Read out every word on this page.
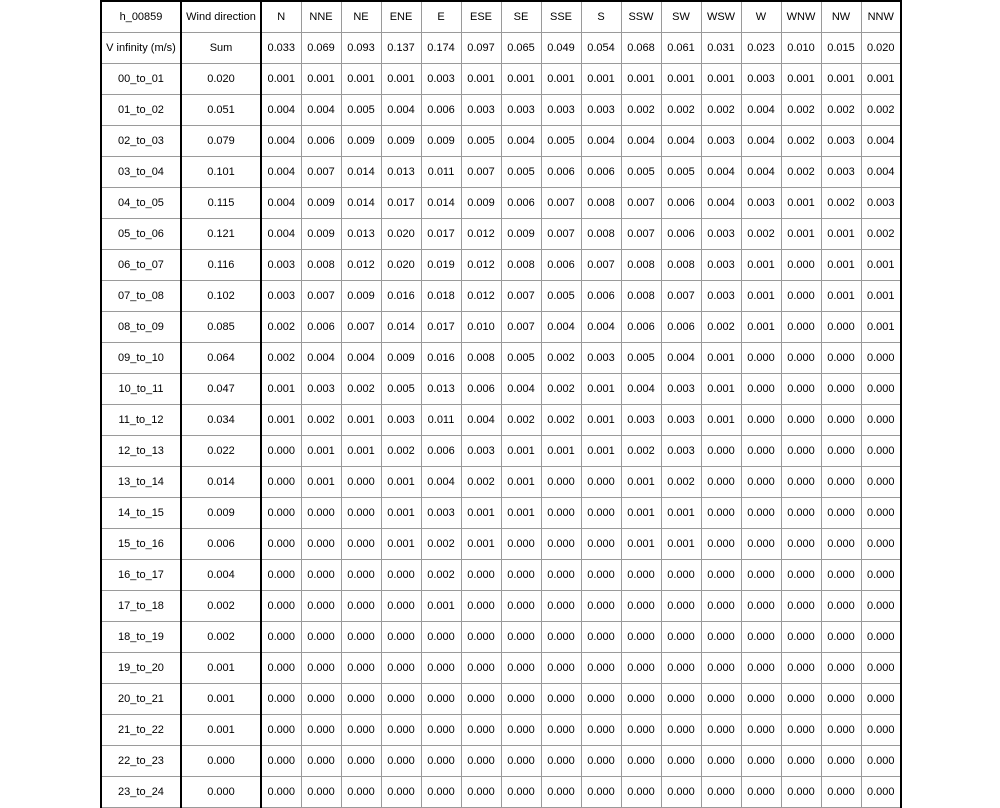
h_00859	Wind direction	N	NNE	NE	ENE	E	ESE	SE	SSE	S	SSW	SW	WSW	W	WNW	NW	NNW
V infinity (m/s)	Sum	0.033	0.069	0.093	0.137	0.174	0.097	0.065	0.049	0.054	0.068	0.061	0.031	0.023	0.010	0.015	0.020
00_to_01	0.020	0.001	0.001	0.001	0.001	0.003	0.001	0.001	0.001	0.001	0.001	0.001	0.001	0.003	0.001	0.001	0.001
01_to_02	0.051	0.004	0.004	0.005	0.004	0.006	0.003	0.003	0.003	0.003	0.002	0.002	0.002	0.004	0.002	0.002	0.002
02_to_03	0.079	0.004	0.006	0.009	0.009	0.009	0.005	0.004	0.005	0.004	0.004	0.004	0.003	0.004	0.002	0.003	0.004
03_to_04	0.101	0.004	0.007	0.014	0.013	0.011	0.007	0.005	0.006	0.006	0.005	0.005	0.004	0.004	0.002	0.003	0.004
04_to_05	0.115	0.004	0.009	0.014	0.017	0.014	0.009	0.006	0.007	0.008	0.007	0.006	0.004	0.003	0.001	0.002	0.003
05_to_06	0.121	0.004	0.009	0.013	0.020	0.017	0.012	0.009	0.007	0.008	0.007	0.006	0.003	0.002	0.001	0.001	0.002
06_to_07	0.116	0.003	0.008	0.012	0.020	0.019	0.012	0.008	0.006	0.007	0.008	0.008	0.003	0.001	0.000	0.001	0.001
07_to_08	0.102	0.003	0.007	0.009	0.016	0.018	0.012	0.007	0.005	0.006	0.008	0.007	0.003	0.001	0.000	0.001	0.001
08_to_09	0.085	0.002	0.006	0.007	0.014	0.017	0.010	0.007	0.004	0.004	0.006	0.006	0.002	0.001	0.000	0.000	0.001
09_to_10	0.064	0.002	0.004	0.004	0.009	0.016	0.008	0.005	0.002	0.003	0.005	0.004	0.001	0.000	0.000	0.000	0.000
10_to_11	0.047	0.001	0.003	0.002	0.005	0.013	0.006	0.004	0.002	0.001	0.004	0.003	0.001	0.000	0.000	0.000	0.000
11_to_12	0.034	0.001	0.002	0.001	0.003	0.011	0.004	0.002	0.002	0.001	0.003	0.003	0.001	0.000	0.000	0.000	0.000
12_to_13	0.022	0.000	0.001	0.001	0.002	0.006	0.003	0.001	0.001	0.001	0.002	0.003	0.000	0.000	0.000	0.000	0.000
13_to_14	0.014	0.000	0.001	0.000	0.001	0.004	0.002	0.001	0.000	0.000	0.001	0.002	0.000	0.000	0.000	0.000	0.000
14_to_15	0.009	0.000	0.000	0.000	0.001	0.003	0.001	0.001	0.000	0.000	0.001	0.001	0.000	0.000	0.000	0.000	0.000
15_to_16	0.006	0.000	0.000	0.000	0.001	0.002	0.001	0.000	0.000	0.000	0.001	0.001	0.000	0.000	0.000	0.000	0.000
16_to_17	0.004	0.000	0.000	0.000	0.000	0.002	0.000	0.000	0.000	0.000	0.000	0.000	0.000	0.000	0.000	0.000	0.000
17_to_18	0.002	0.000	0.000	0.000	0.000	0.001	0.000	0.000	0.000	0.000	0.000	0.000	0.000	0.000	0.000	0.000	0.000
18_to_19	0.002	0.000	0.000	0.000	0.000	0.000	0.000	0.000	0.000	0.000	0.000	0.000	0.000	0.000	0.000	0.000	0.000
19_to_20	0.001	0.000	0.000	0.000	0.000	0.000	0.000	0.000	0.000	0.000	0.000	0.000	0.000	0.000	0.000	0.000	0.000
20_to_21	0.001	0.000	0.000	0.000	0.000	0.000	0.000	0.000	0.000	0.000	0.000	0.000	0.000	0.000	0.000	0.000	0.000
21_to_22	0.001	0.000	0.000	0.000	0.000	0.000	0.000	0.000	0.000	0.000	0.000	0.000	0.000	0.000	0.000	0.000	0.000
22_to_23	0.000	0.000	0.000	0.000	0.000	0.000	0.000	0.000	0.000	0.000	0.000	0.000	0.000	0.000	0.000	0.000	0.000
23_to_24	0.000	0.000	0.000	0.000	0.000	0.000	0.000	0.000	0.000	0.000	0.000	0.000	0.000	0.000	0.000	0.000	0.000
